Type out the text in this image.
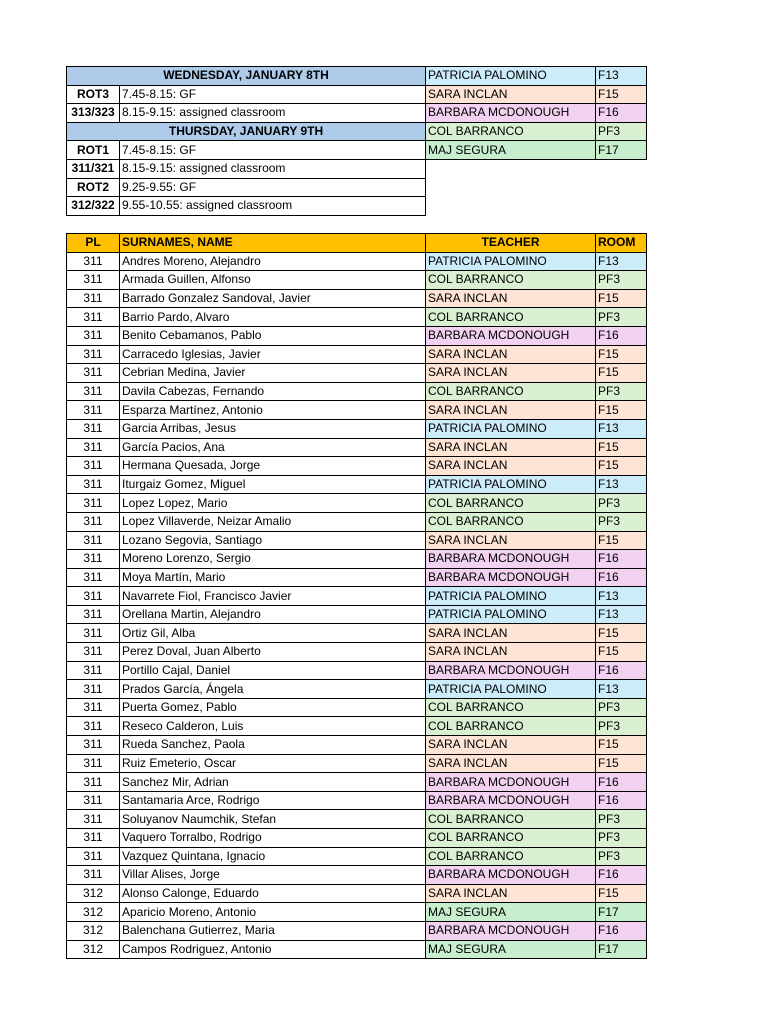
WEDNESDAY, JANUARY 8TH		PATRICIA PALOMINO	F13
ROT3	7.45-8.15: GF	SARA INCLAN	F15
313/323	8.15-9.15: assigned classroom	BARBARA MCDONOUGH	F16
THURSDAY, JANUARY 9TH		COL BARRANCO	PF3
ROT1	7.45-8.15: GF	MAJ SEGURA	F17
311/321	8.15-9.15: assigned classroom		
ROT2	9.25-9.55: GF		
312/322	9.55-10.55: assigned classroom		
PL	SURNAMES, NAME	TEACHER	ROOM
311	Andres Moreno, Alejandro	PATRICIA PALOMINO	F13
311	Armada Guillen, Alfonso	COL BARRANCO	PF3
311	Barrado Gonzalez Sandoval, Javier	SARA INCLAN	F15
311	Barrio Pardo, Alvaro	COL BARRANCO	PF3
311	Benito Cebamanos, Pablo	BARBARA MCDONOUGH	F16
311	Carracedo Iglesias, Javier	SARA INCLAN	F15
311	Cebrian Medina, Javier	SARA INCLAN	F15
311	Davila Cabezas, Fernando	COL BARRANCO	PF3
311	Esparza Martínez, Antonio	SARA INCLAN	F15
311	Garcia Arribas, Jesus	PATRICIA PALOMINO	F13
311	García Pacios, Ana	SARA INCLAN	F15
311	Hermana Quesada, Jorge	SARA INCLAN	F15
311	Iturgaiz Gomez, Miguel	PATRICIA PALOMINO	F13
311	Lopez Lopez, Mario	COL BARRANCO	PF3
311	Lopez Villaverde, Neizar Amalio	COL BARRANCO	PF3
311	Lozano Segovia, Santiago	SARA INCLAN	F15
311	Moreno Lorenzo, Sergio	BARBARA MCDONOUGH	F16
311	Moya Martín, Mario	BARBARA MCDONOUGH	F16
311	Navarrete Fiol, Francisco Javier	PATRICIA PALOMINO	F13
311	Orellana Martin, Alejandro	PATRICIA PALOMINO	F13
311	Ortiz Gil, Alba	SARA INCLAN	F15
311	Perez Doval, Juan Alberto	SARA INCLAN	F15
311	Portillo Cajal, Daniel	BARBARA MCDONOUGH	F16
311	Prados García, Ángela	PATRICIA PALOMINO	F13
311	Puerta Gomez, Pablo	COL BARRANCO	PF3
311	Reseco Calderon, Luis	COL BARRANCO	PF3
311	Rueda Sanchez, Paola	SARA INCLAN	F15
311	Ruiz Emeterio, Oscar	SARA INCLAN	F15
311	Sanchez Mir, Adrian	BARBARA MCDONOUGH	F16
311	Santamaria Arce, Rodrigo	BARBARA MCDONOUGH	F16
311	Soluyanov Naumchik, Stefan	COL BARRANCO	PF3
311	Vaquero Torralbo, Rodrigo	COL BARRANCO	PF3
311	Vazquez Quintana, Ignacio	COL BARRANCO	PF3
311	Villar Alises, Jorge	BARBARA MCDONOUGH	F16
312	Alonso Calonge, Eduardo	SARA INCLAN	F15
312	Aparicio Moreno, Antonio	MAJ SEGURA	F17
312	Balenchana Gutierrez, Maria	BARBARA MCDONOUGH	F16
312	Campos Rodriguez, Antonio	MAJ SEGURA	F17
